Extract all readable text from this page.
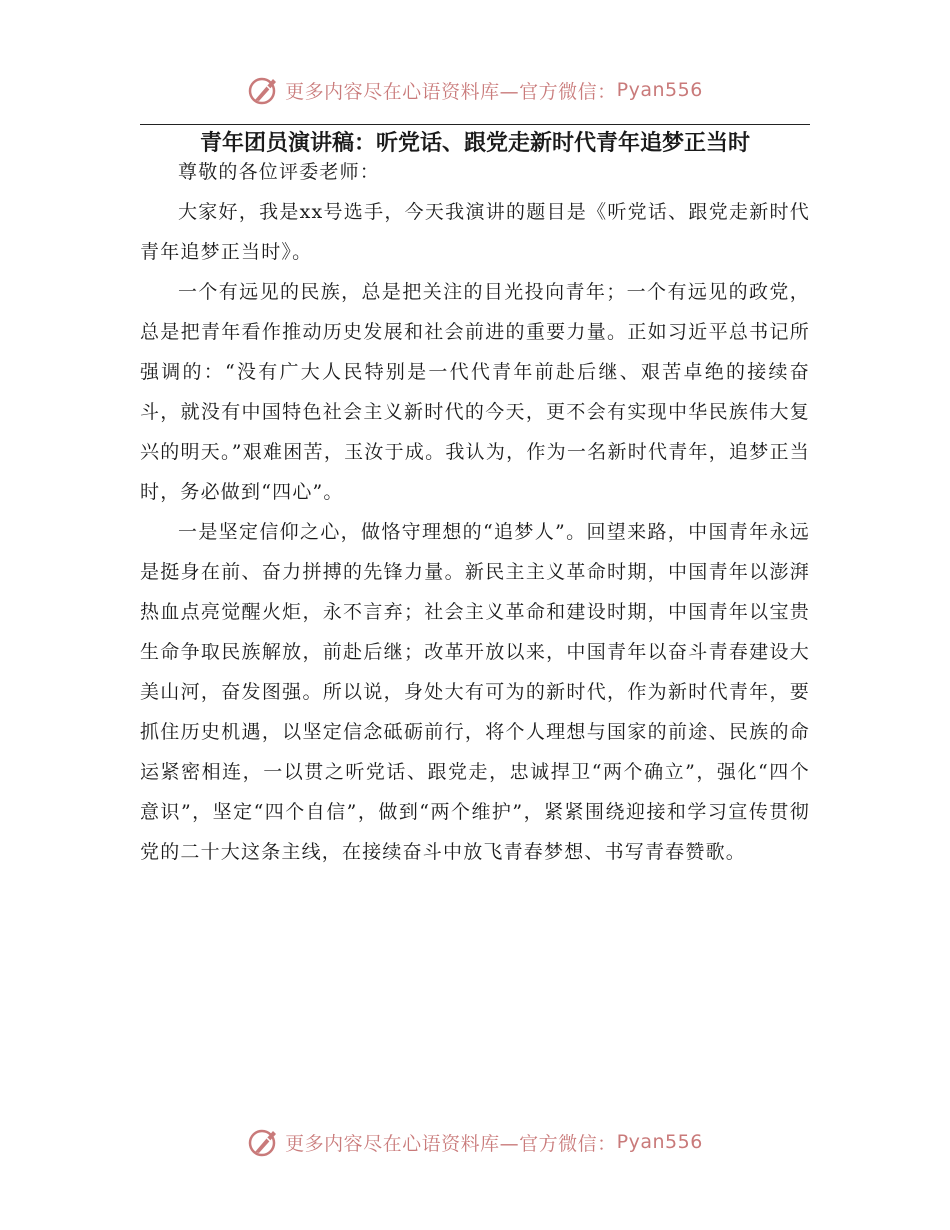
更多内容尽在心语资料库—官方微信： Pyan556
青年团员演讲稿：听党话、跟党走新时代青年追梦正当时

尊敬的各位评委老师：

大家好，我是xx号选手，今天我演讲的题目是《听党话、跟党走新时代青年追梦正当时》。

一个有远见的民族，总是把关注的目光投向青年；一个有远见的政党，总是把青年看作推动历史发展和社会前进的重要力量。正如习近平总书记所强调的：“没有广大人民特别是一代代青年前赴后继、艰苦卓绝的接续奋斗，就没有中国特色社会主义新时代的今天，更不会有实现中华民族伟大复兴的明天。”艰难困苦，玉汝于成。我认为，作为一名新时代青年，追梦正当时，务必做到“四心”。

一是坚定信仰之心，做恪守理想的“追梦人”。回望来路，中国青年永远是挺身在前、奋力拼搏的先锋力量。新民主主义革命时期，中国青年以澎湃热血点亮觉醒火炬，永不言弃；社会主义革命和建设时期，中国青年以宝贵生命争取民族解放，前赴后继；改革开放以来，中国青年以奋斗青春建设大美山河，奋发图强。所以说，身处大有可为的新时代，作为新时代青年，要抓住历史机遇，以坚定信念砥砺前行，将个人理想与国家的前途、民族的命运紧密相连，一以贯之听党话、跟党走，忠诚捍卫“两个确立”，强化“四个意识”，坚定“四个自信”，做到“两个维护”，紧紧围绕迎接和学习宣传贯彻党的二十大这条主线，在接续奋斗中放飞青春梦想、书写青春赞歌。

更多内容尽在心语资料库—官方微信： Pyan556
